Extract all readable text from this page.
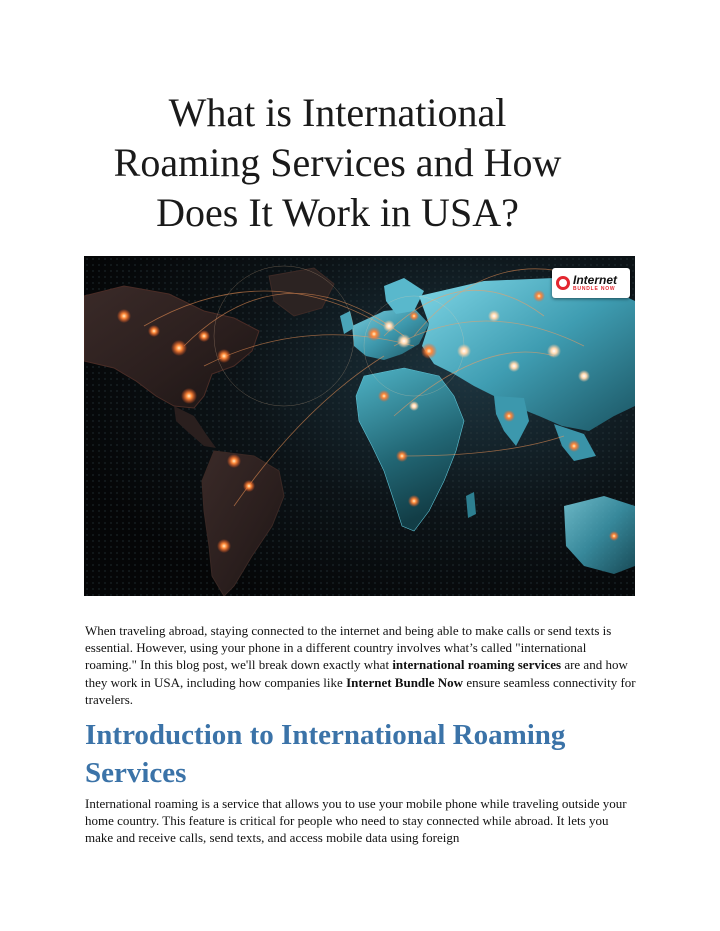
What is International
Roaming Services and How
Does It Work in USA?
Internet
BUNDLE NOW

When traveling abroad, staying connected to the internet and being able to make calls or send texts is essential. However, using your phone in a different country involves what’s called "international roaming." In this blog post, we'll break down exactly what international roaming services are and how they work in USA, including how companies like Internet Bundle Now ensure seamless connectivity for travelers.

Introduction to International Roaming Services

International roaming is a service that allows you to use your mobile phone while traveling outside your home country. This feature is critical for people who need to stay connected while abroad. It lets you make and receive calls, send texts, and access mobile data using foreign
